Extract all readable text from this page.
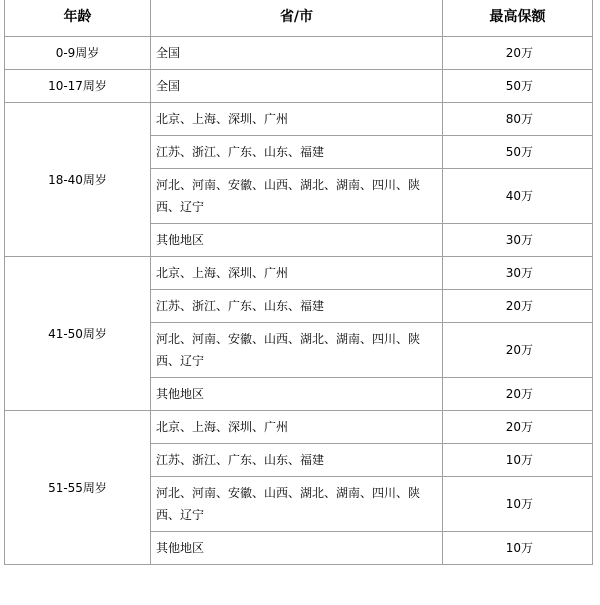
年龄	省/市	最高保额
0-9周岁	全国	20万
10-17周岁	全国	50万
18-40周岁	北京、上海、深圳、广州	80万
	江苏、浙江、广东、山东、福建	50万
	河北、河南、安徽、山西、湖北、湖南、四川、陕西、辽宁	40万
	其他地区	30万
41-50周岁	北京、上海、深圳、广州	30万
	江苏、浙江、广东、山东、福建	20万
	河北、河南、安徽、山西、湖北、湖南、四川、陕西、辽宁	20万
	其他地区	20万
51-55周岁	北京、上海、深圳、广州	20万
	江苏、浙江、广东、山东、福建	10万
	河北、河南、安徽、山西、湖北、湖南、四川、陕西、辽宁	10万
	其他地区	10万
